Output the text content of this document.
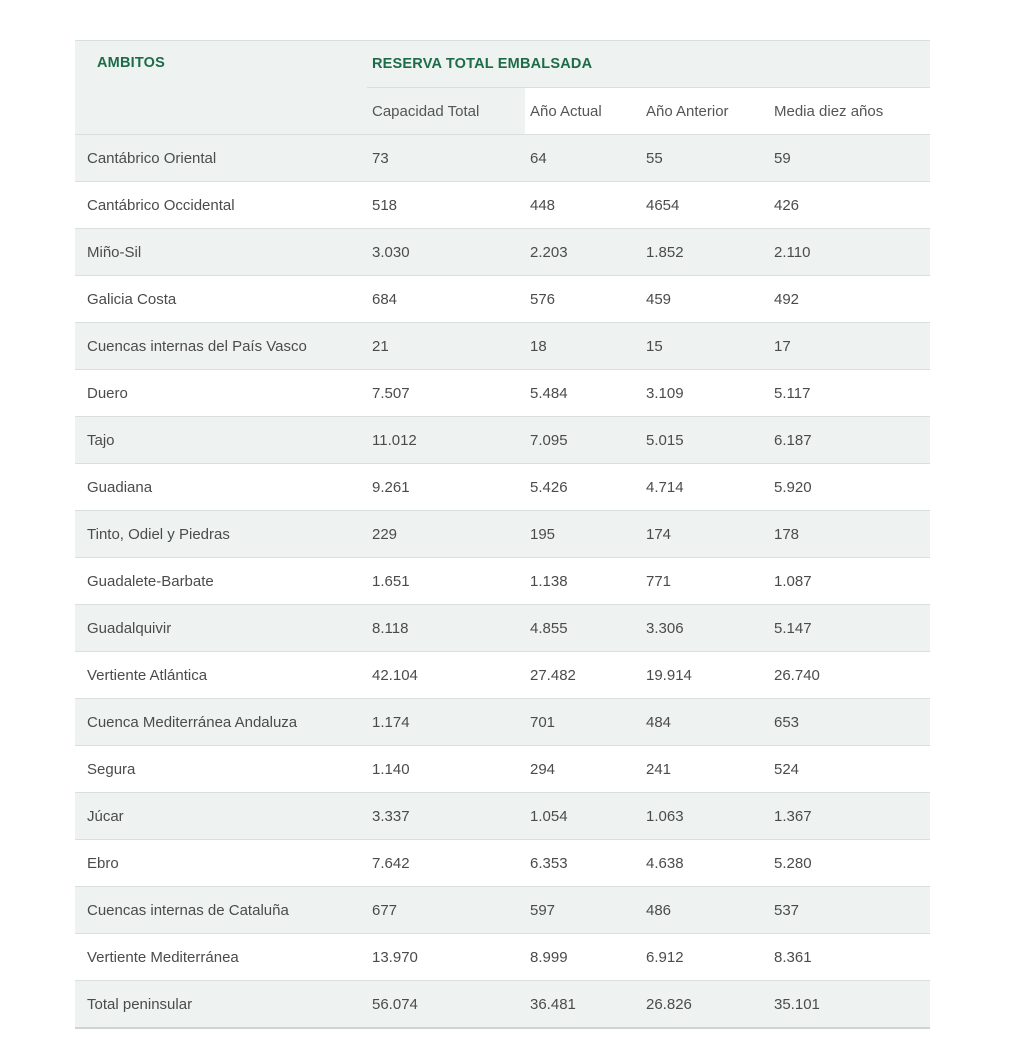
AMBITOS	RESERVA TOTAL EMBALSADA			
	Capacidad Total	Año Actual	Año Anterior	Media diez años
Cantábrico Oriental	73	64	55	59
Cantábrico Occidental	518	448	4654	426
Miño-Sil	3.030	2.203	1.852	2.110
Galicia Costa	684	576	459	492
Cuencas internas del País Vasco	21	18	15	17
Duero	7.507	5.484	3.109	5.117
Tajo	11.012	7.095	5.015	6.187
Guadiana	9.261	5.426	4.714	5.920
Tinto, Odiel y Piedras	229	195	174	178
Guadalete-Barbate	1.651	1.138	771	1.087
Guadalquivir	8.118	4.855	3.306	5.147
Vertiente Atlántica	42.104	27.482	19.914	26.740
Cuenca Mediterránea Andaluza	1.174	701	484	653
Segura	1.140	294	241	524
Júcar	3.337	1.054	1.063	1.367
Ebro	7.642	6.353	4.638	5.280
Cuencas internas de Cataluña	677	597	486	537
Vertiente Mediterránea	13.970	8.999	6.912	8.361
Total peninsular	56.074	36.481	26.826	35.101
